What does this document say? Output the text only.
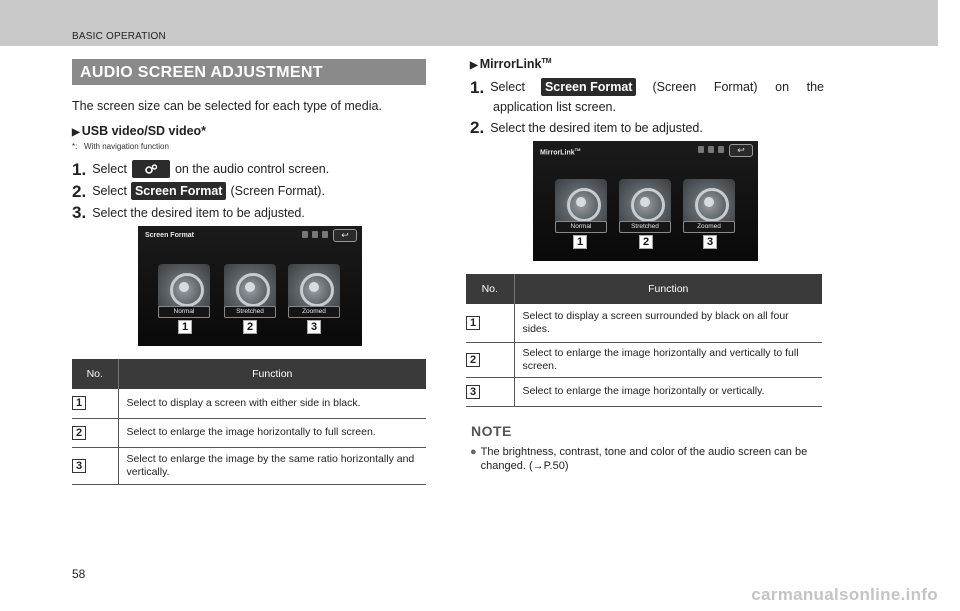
BASIC OPERATION
AUDIO SCREEN ADJUSTMENT
The screen size can be selected for each type of media.
▶ USB video/SD video*
*:   With navigation function
1. Select	on the audio control screen.
2. Select Screen Format (Screen Format).
3. Select the desired item to be adjusted.
Screen Format	↩
Normal	Stretched	Zoomed
1	2	3
No.	Function
1	Select to display a screen with either side in black.
2	Select to enlarge the image horizontally to full screen.
3	Select to enlarge the image by the same ratio horizontally and vertically.
▶ MirrorLink™
1. Select	Screen Format	(Screen Format) on the
application list screen.
2. Select the desired item to be adjusted.
MirrorLink™	↩
Normal	Stretched	Zoomed
1	2	3
No.	Function
1	Select to display a screen surrounded by black on all four sides.
2	Select to enlarge the image horizontally and vertically to full screen.
3	Select to enlarge the image horizontally or vertically.
NOTE
● The brightness, contrast, tone and color of the audio screen can be changed. (→P.50)
58
carmanualsonline.info
